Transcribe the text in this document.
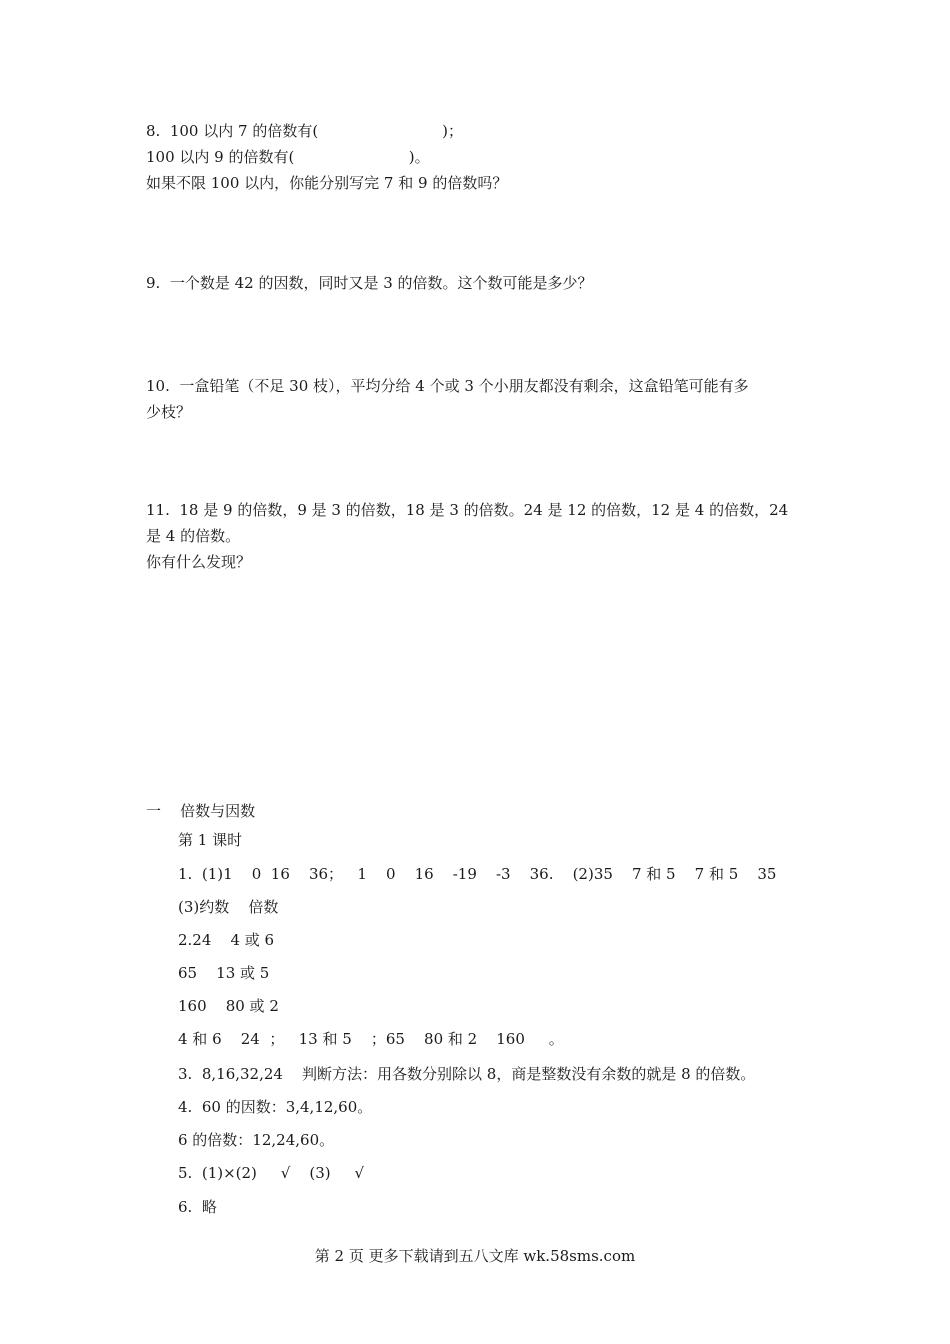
8.  100 以内 7 的倍数有(                          )；
100 以内 9 的倍数有(                        )。
如果不限 100 以内，你能分别写完 7 和 9 的倍数吗？
9.  一个数是 42 的因数，同时又是 3 的倍数。这个数可能是多少？
10.  一盒铅笔（不足 30 枝），平均分给 4 个或 3 个小朋友都没有剩余，这盒铅笔可能有多
少枝？
11.  18 是 9 的倍数，9 是 3 的倍数，18 是 3 的倍数。24 是 12 的倍数，12 是 4 的倍数，24
是 4 的倍数。
你有什么发现？
一    倍数与因数
第 1 课时
1.  (1)1    0  16    36；   1    0    16    -19    -3    36.    (2)35    7 和 5    7 和 5    35
(3)约数    倍数
2.24    4 或 6
65    13 或 5
160    80 或 2
4 和 6    24  ；   13 和 5    ；65    80 和 2    160     。
3.  8,16,32,24    判断方法：用各数分别除以 8，商是整数没有余数的就是 8 的倍数。
4.  60 的因数：3,4,12,60。
6 的倍数：12,24,60。
5.  (1)×(2)     √    (3)     √
6.  略
第 2 页 更多下载请到五八文库 wk.58sms.com
